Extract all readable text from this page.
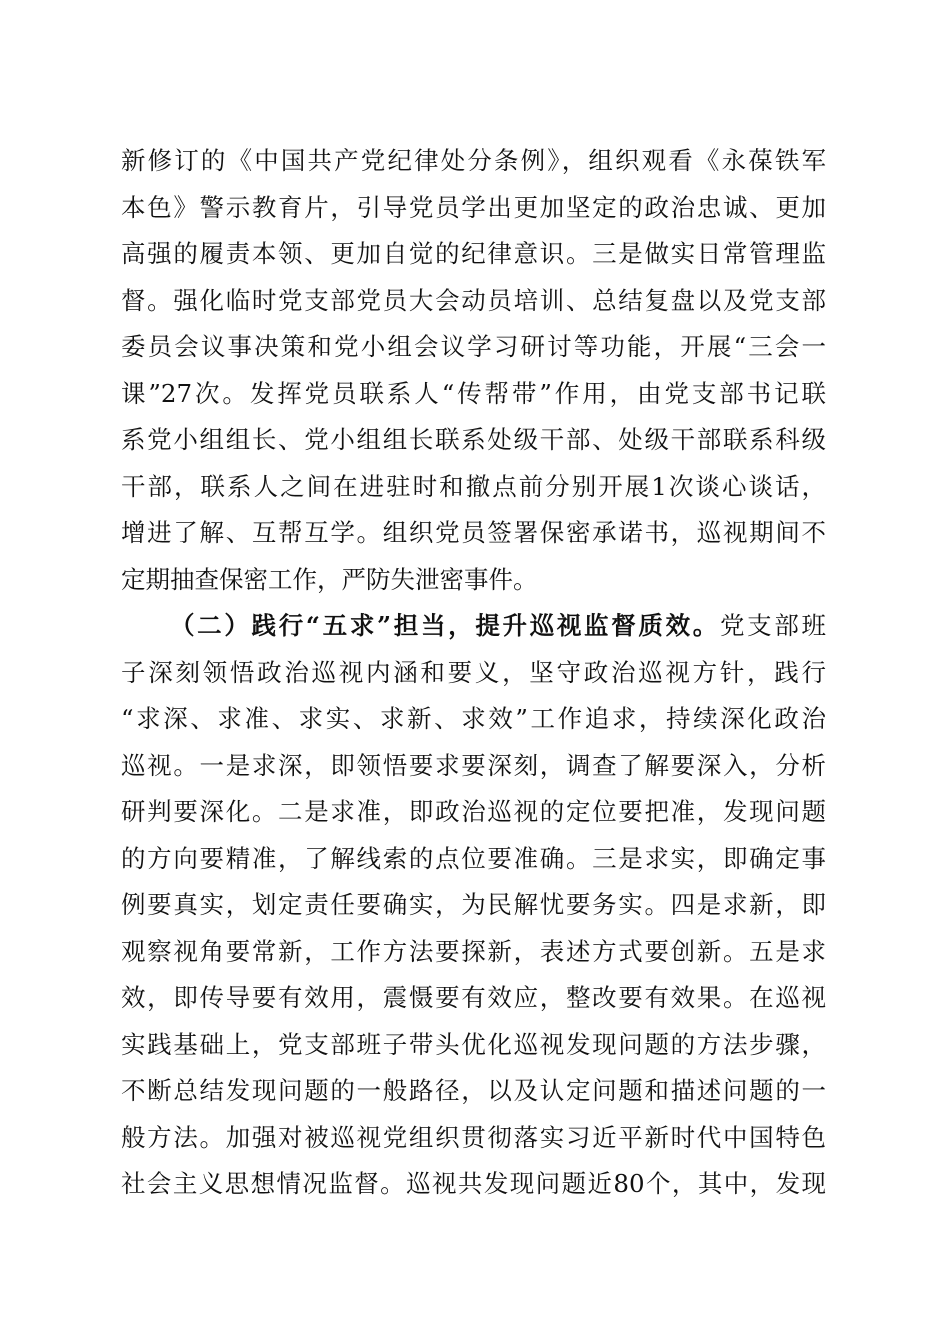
新修订的《中国共产党纪律处分条例》，组织观看《永葆铁军
本色》警示教育片，引导党员学出更加坚定的政治忠诚、更加
高强的履责本领、更加自觉的纪律意识。三是做实日常管理监
督。强化临时党支部党员大会动员培训、总结复盘以及党支部
委员会议事决策和党小组会议学习研讨等功能，开展“三会一
课”27次。发挥党员联系人“传帮带”作用，由党支部书记联
系党小组组长、党小组组长联系处级干部、处级干部联系科级
干部，联系人之间在进驻时和撤点前分别开展1次谈心谈话，
增进了解、互帮互学。组织党员签署保密承诺书，巡视期间不
定期抽查保密工作，严防失泄密事件。
（二）践行“五求”担当，提升巡视监督质效。党支部班
子深刻领悟政治巡视内涵和要义，坚守政治巡视方针，践行
“求深、求准、求实、求新、求效”工作追求，持续深化政治
巡视。一是求深，即领悟要求要深刻，调查了解要深入，分析
研判要深化。二是求准，即政治巡视的定位要把准，发现问题
的方向要精准，了解线索的点位要准确。三是求实，即确定事
例要真实，划定责任要确实，为民解忧要务实。四是求新，即
观察视角要常新，工作方法要探新，表述方式要创新。五是求
效，即传导要有效用，震慑要有效应，整改要有效果。在巡视
实践基础上，党支部班子带头优化巡视发现问题的方法步骤，
不断总结发现问题的一般路径，以及认定问题和描述问题的一
般方法。加强对被巡视党组织贯彻落实习近平新时代中国特色
社会主义思想情况监督。巡视共发现问题近80个，其中，发现
